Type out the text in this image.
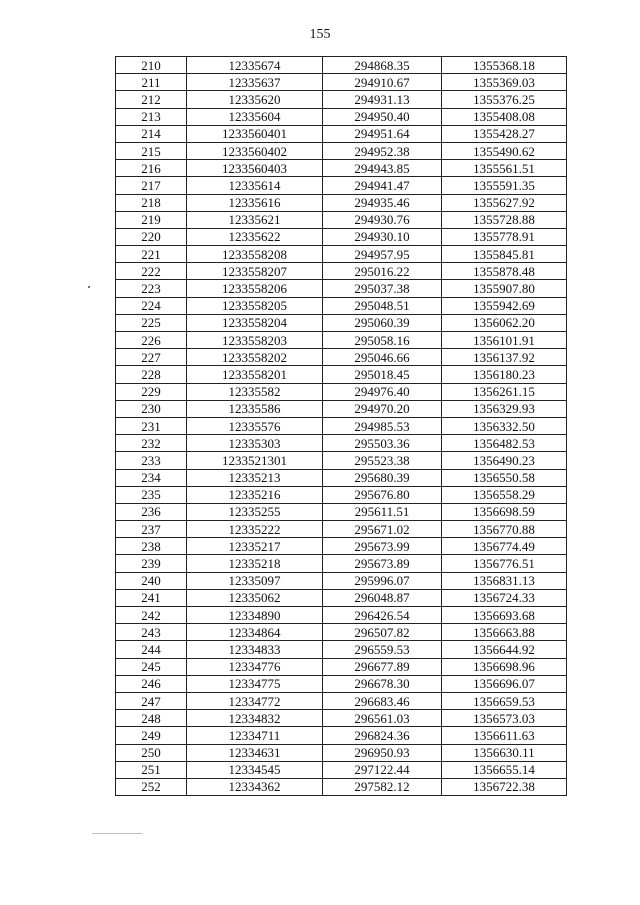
155
210	12335674	294868.35	1355368.18
211	12335637	294910.67	1355369.03
212	12335620	294931.13	1355376.25
213	12335604	294950.40	1355408.08
214	1233560401	294951.64	1355428.27
215	1233560402	294952.38	1355490.62
216	1233560403	294943.85	1355561.51
217	12335614	294941.47	1355591.35
218	12335616	294935.46	1355627.92
219	12335621	294930.76	1355728.88
220	12335622	294930.10	1355778.91
221	1233558208	294957.95	1355845.81
222	1233558207	295016.22	1355878.48
223	1233558206	295037.38	1355907.80
224	1233558205	295048.51	1355942.69
225	1233558204	295060.39	1356062.20
226	1233558203	295058.16	1356101.91
227	1233558202	295046.66	1356137.92
228	1233558201	295018.45	1356180.23
229	12335582	294976.40	1356261.15
230	12335586	294970.20	1356329.93
231	12335576	294985.53	1356332.50
232	12335303	295503.36	1356482.53
233	1233521301	295523.38	1356490.23
234	12335213	295680.39	1356550.58
235	12335216	295676.80	1356558.29
236	12335255	295611.51	1356698.59
237	12335222	295671.02	1356770.88
238	12335217	295673.99	1356774.49
239	12335218	295673.89	1356776.51
240	12335097	295996.07	1356831.13
241	12335062	296048.87	1356724.33
242	12334890	296426.54	1356693.68
243	12334864	296507.82	1356663.88
244	12334833	296559.53	1356644.92
245	12334776	296677.89	1356698.96
246	12334775	296678.30	1356696.07
247	12334772	296683.46	1356659.53
248	12334832	296561.03	1356573.03
249	12334711	296824.36	1356611.63
250	12334631	296950.93	1356630.11
251	12334545	297122.44	1356655.14
252	12334362	297582.12	1356722.38
